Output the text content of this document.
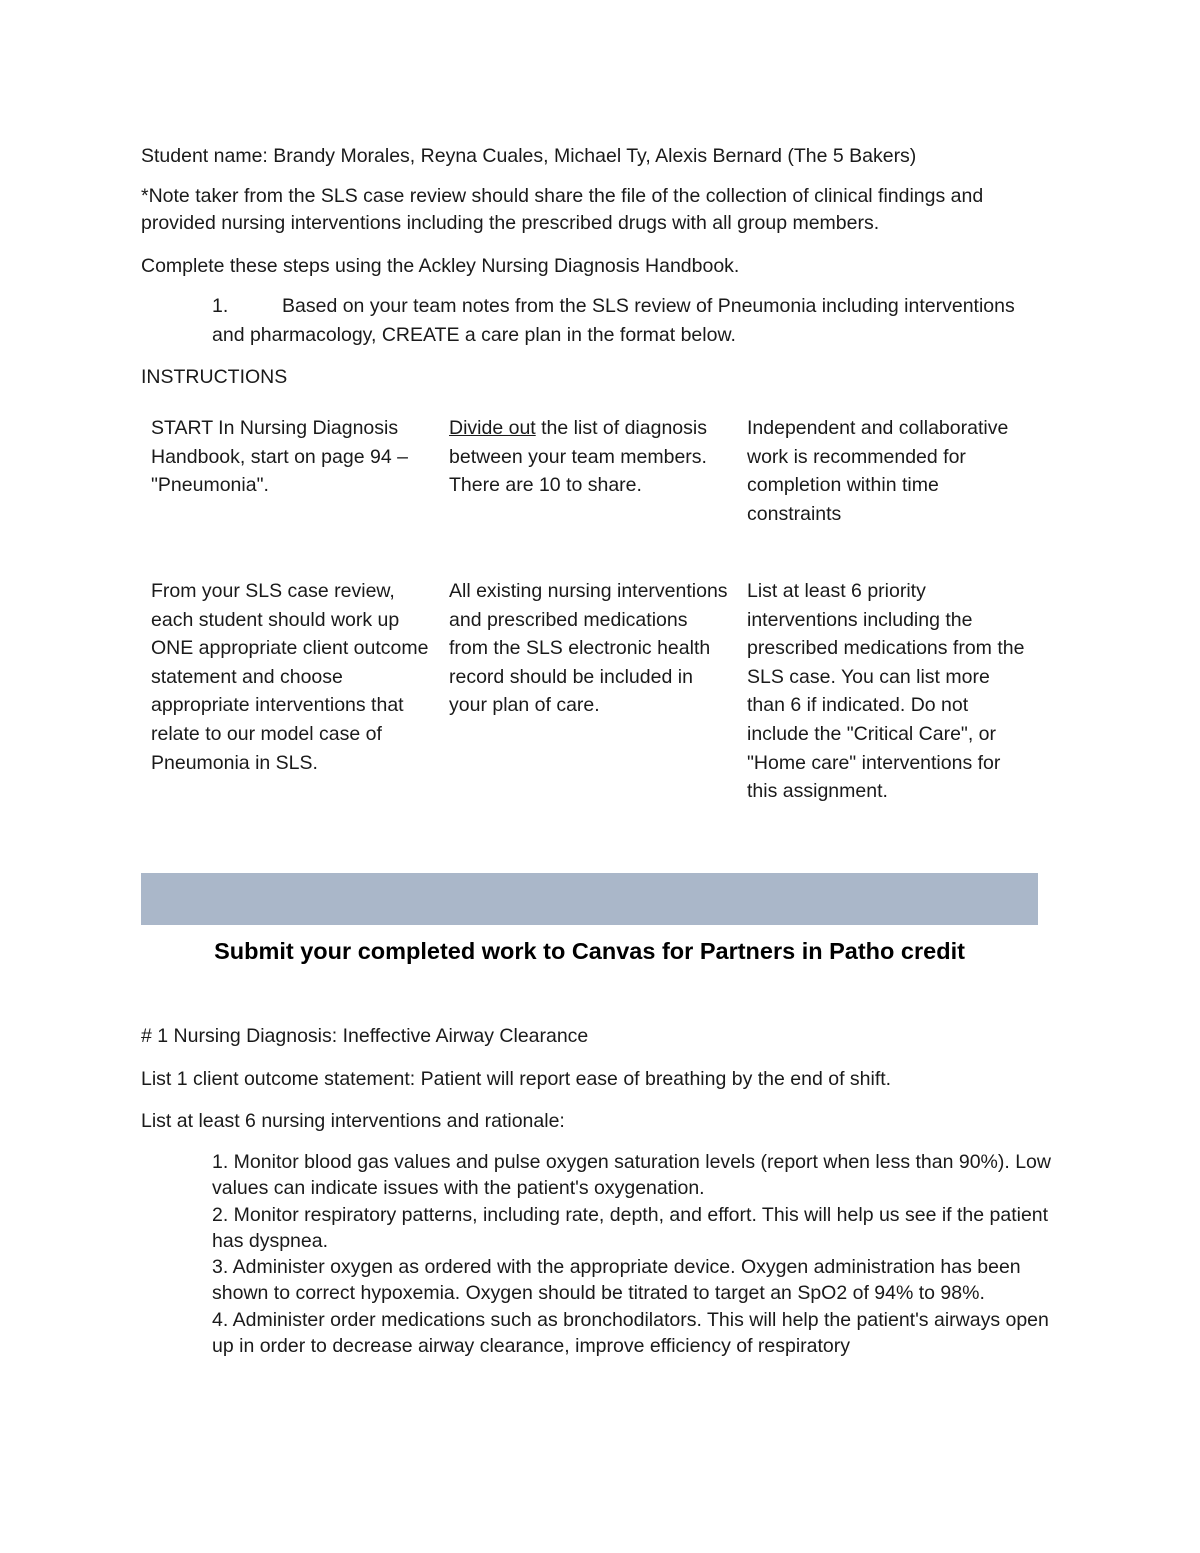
Student name: Brandy Morales, Reyna Cuales, Michael Ty, Alexis Bernard (The 5 Bakers)

*Note taker from the SLS case review should share the file of the collection of clinical findings and provided nursing interventions including the prescribed drugs with all group members.

Complete these steps using the Ackley Nursing Diagnosis Handbook.

1.	Based on your team notes from the SLS review of Pneumonia including interventions and pharmacology, CREATE a care plan in the format below.

INSTRUCTIONS

START In Nursing Diagnosis Handbook, start on page 94 – "Pneumonia".
Divide out the list of diagnosis between your team members. There are 10 to share.
Independent and collaborative work is recommended for completion within time constraints
From your SLS case review, each student should work up ONE appropriate client outcome statement and choose appropriate interventions that relate to our model case of Pneumonia in SLS.
All existing nursing interventions and prescribed medications from the SLS electronic health record should be included in your plan of care.
List at least 6 priority interventions including the prescribed medications from the SLS case. You can list more than 6 if indicated. Do not include the "Critical Care", or "Home care" interventions for this assignment.
Submit your completed work to Canvas for Partners in Patho credit

# 1 Nursing Diagnosis: Ineffective Airway Clearance

List 1 client outcome statement: Patient will report ease of breathing by the end of shift.

List at least 6 nursing interventions and rationale:

1. Monitor blood gas values and pulse oxygen saturation levels (report when less than 90%). Low values can indicate issues with the patient's oxygenation.
2. Monitor respiratory patterns, including rate, depth, and effort. This will help us see if the patient has dyspnea.
3. Administer oxygen as ordered with the appropriate device. Oxygen administration has been shown to correct hypoxemia. Oxygen should be titrated to target an SpO2 of 94% to 98%.
4. Administer order medications such as bronchodilators. This will help the patient's airways open up in order to decrease airway clearance, improve efficiency of respiratory
